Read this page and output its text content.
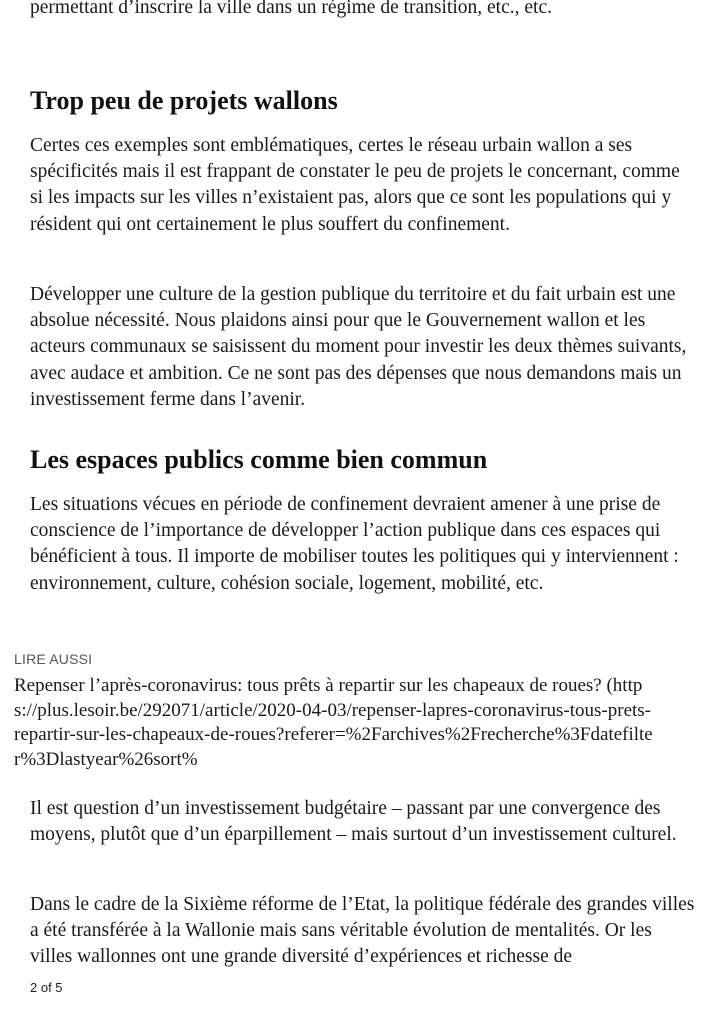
permettant d’inscrire la ville dans un régime de transition, etc., etc.
Trop peu de projets wallons

Certes ces exemples sont emblématiques, certes le réseau urbain wallon a ses spécificités mais il est frappant de constater le peu de projets le concernant, comme si les impacts sur les villes n’existaient pas, alors que ce sont les populations qui y résident qui ont certainement le plus souffert du confinement.

Développer une culture de la gestion publique du territoire et du fait urbain est une absolue nécessité. Nous plaidons ainsi pour que le Gouvernement wallon et les acteurs communaux se saisissent du moment pour investir les deux thèmes suivants, avec audace et ambition. Ce ne sont pas des dépenses que nous demandons mais un investissement ferme dans l’avenir.

Les espaces publics comme bien commun

Les situations vécues en période de confinement devraient amener à une prise de conscience de l’importance de développer l’action publique dans ces espaces qui bénéficient à tous. Il importe de mobiliser toutes les politiques qui y interviennent : environnement, culture, cohésion sociale, logement, mobilité, etc.

Il est question d’un investissement budgétaire – passant par une convergence des moyens, plutôt que d’un éparpillement – mais surtout d’un investissement culturel.

Dans le cadre de la Sixième réforme de l’Etat, la politique fédérale des grandes villes a été transférée à la Wallonie mais sans véritable évolution de mentalités. Or les villes wallonnes ont une grande diversité d’expériences et richesse de

LIRE AUSSI
Repenser l’après-coronavirus: tous prêts à repartir sur les chapeaux de roues? (https://plus.lesoir.be/292071/article/2020-04-03/repenser-lapres-coronavirus-tous-prets-repartir-sur-les-chapeaux-de-roues?referer=%2Farchives%2Frecherche%3Fdatefilter%3Dlastyear%26sort%
2 of 5
